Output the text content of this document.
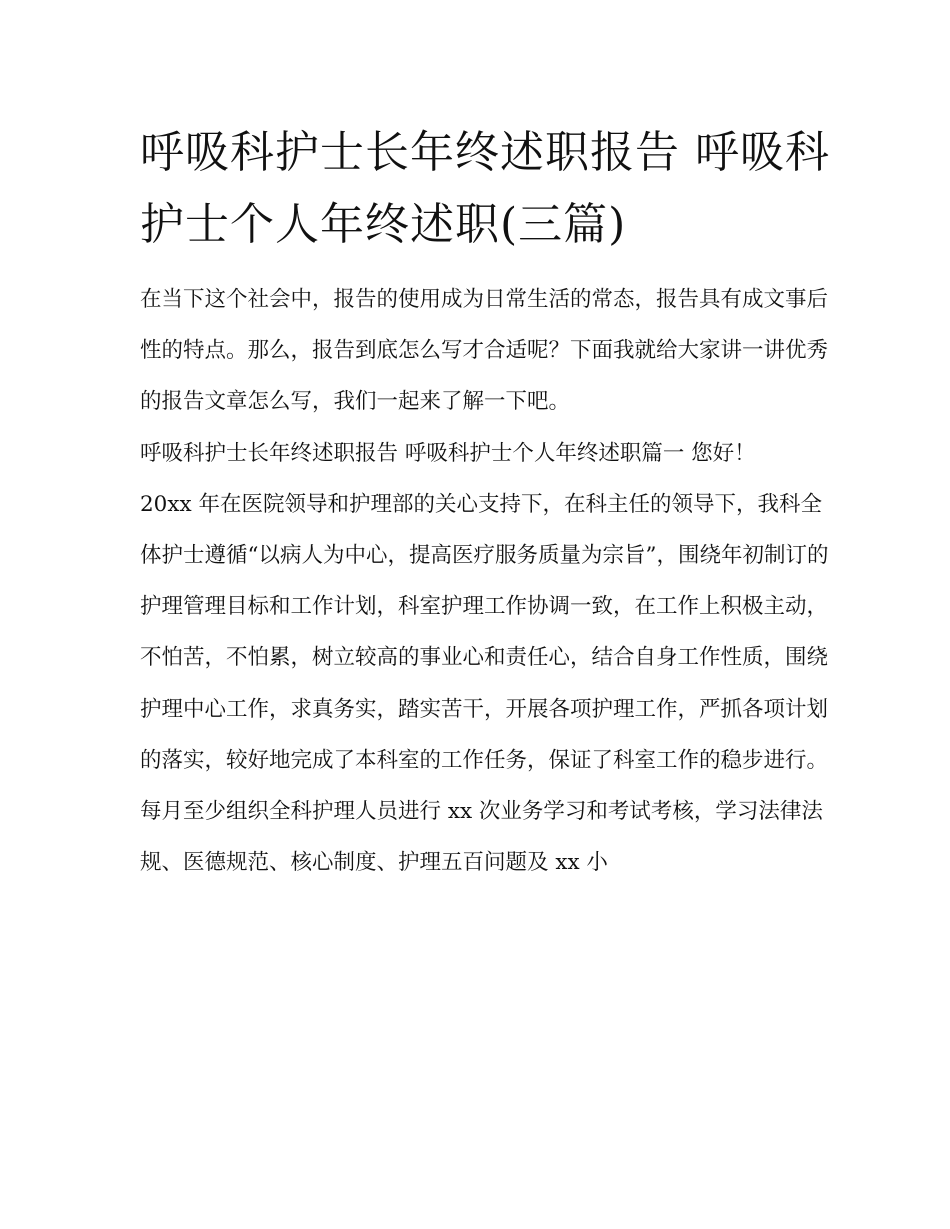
呼吸科护士长年终述职报告 呼吸科护士个人年终述职(三篇)

在当下这个社会中，报告的使用成为日常生活的常态，报告具有成文事后性的特点。那么，报告到底怎么写才合适呢？下面我就给大家讲一讲优秀的报告文章怎么写，我们一起来了解一下吧。

呼吸科护士长年终述职报告 呼吸科护士个人年终述职篇一 您好！

20xx 年在医院领导和护理部的关心支持下，在科主任的领导下，我科全体护士遵循“以病人为中心，提高医疗服务质量为宗旨”，围绕年初制订的护理管理目标和工作计划，科室护理工作协调一致，在工作上积极主动，不怕苦，不怕累，树立较高的事业心和责任心，结合自身工作性质，围绕护理中心工作，求真务实，踏实苦干，开展各项护理工作，严抓各项计划的落实，较好地完成了本科室的工作任务，保证了科室工作的稳步进行。

每月至少组织全科护理人员进行 xx 次业务学习和考试考核，学习法律法规、医德规范、核心制度、护理五百问题及 xx 小
